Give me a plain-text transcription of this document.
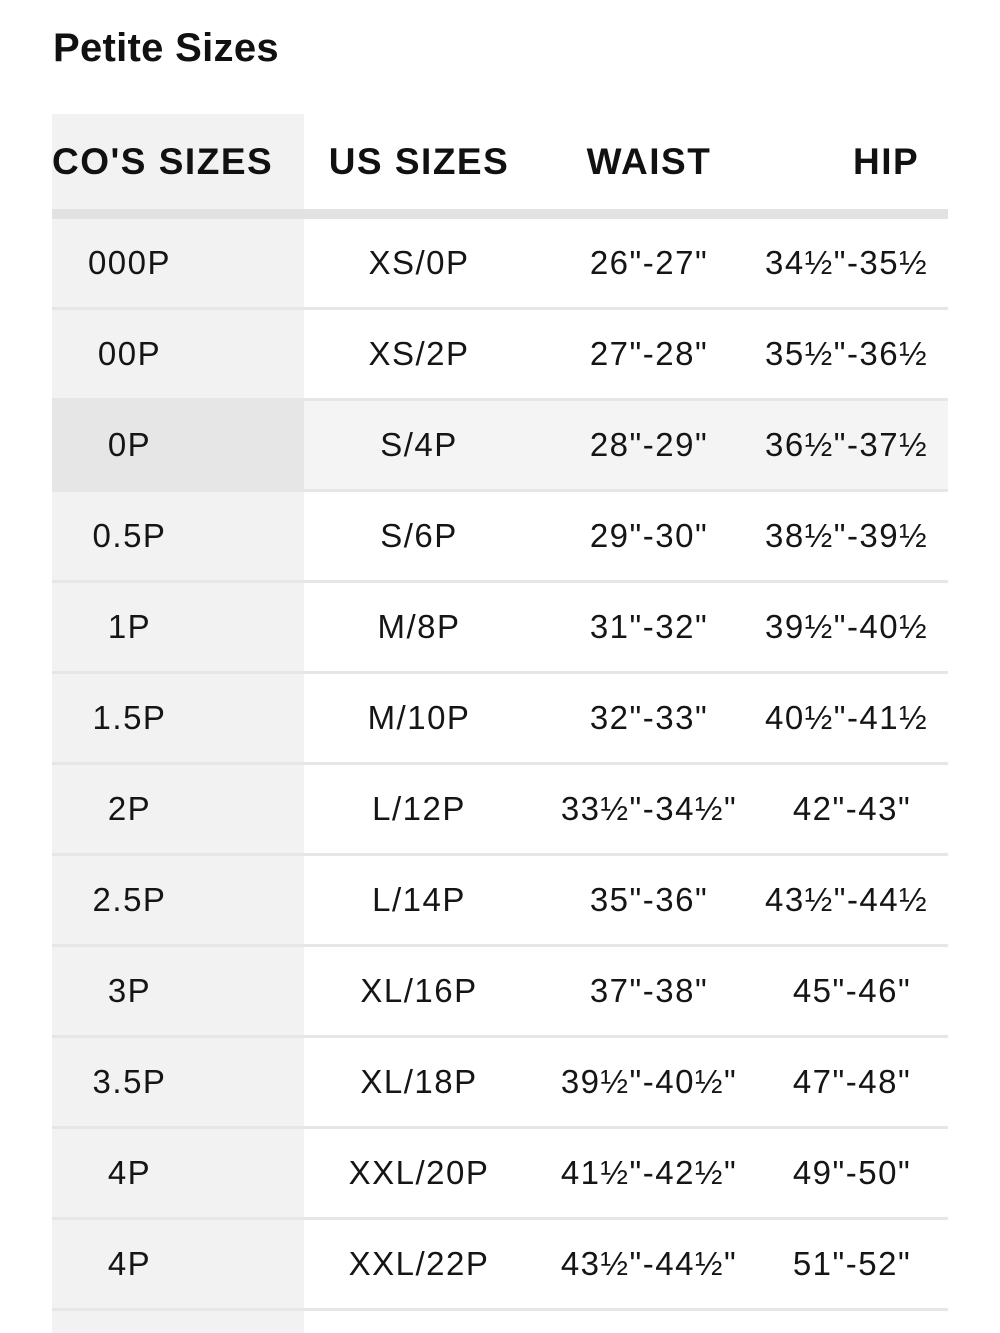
Petite Sizes
CO'S SIZES	US SIZES	WAIST	HIP
000P	XS/0P	26"-27"	34½"-35½
00P	XS/2P	27"-28"	35½"-36½
0P	S/4P	28"-29"	36½"-37½
0.5P	S/6P	29"-30"	38½"-39½
1P	M/8P	31"-32"	39½"-40½
1.5P	M/10P	32"-33"	40½"-41½
2P	L/12P	33½"-34½"	42"-43"
2.5P	L/14P	35"-36"	43½"-44½
3P	XL/16P	37"-38"	45"-46"
3.5P	XL/18P	39½"-40½"	47"-48"
4P	XXL/20P	41½"-42½"	49"-50"
4P	XXL/22P	43½"-44½"	51"-52"
